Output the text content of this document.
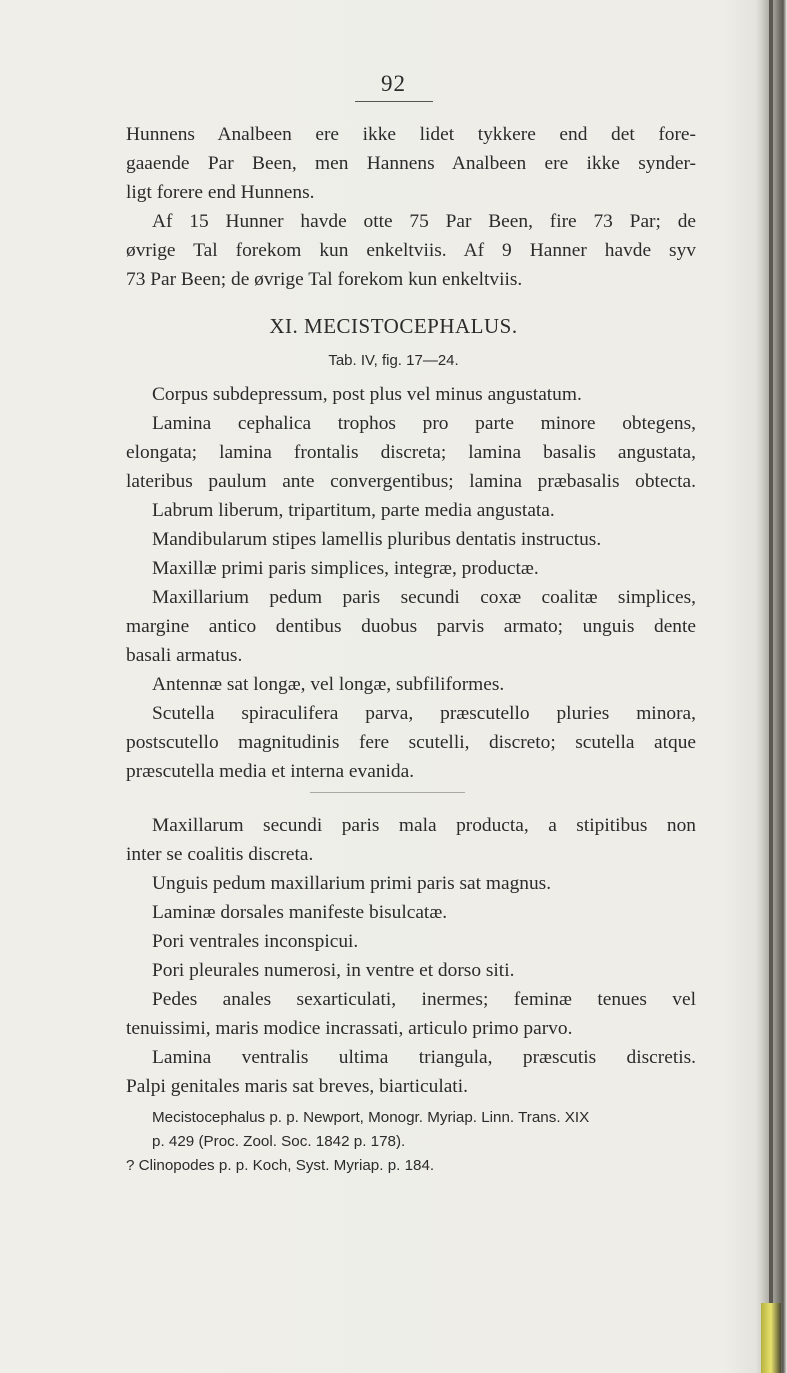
92
Hunnens Analbeen ere ikke lidet tykkere end det fore-
gaaende Par Been, men Hannens Analbeen ere ikke synder-
ligt forere end Hunnens.
Af 15 Hunner havde otte 75 Par Been, fire 73 Par; de
øvrige Tal forekom kun enkeltviis. Af 9 Hanner havde syv
73 Par Been; de øvrige Tal forekom kun enkeltviis.
XI. MECISTOCEPHALUS.
Tab. IV, fig. 17—24.
Corpus subdepressum, post plus vel minus angustatum.
Lamina cephalica trophos pro parte minore obtegens,
elongata; lamina frontalis discreta; lamina basalis angustata,
lateribus paulum ante convergentibus; lamina præbasalis obtecta.
Labrum liberum, tripartitum, parte media angustata.
Mandibularum stipes lamellis pluribus dentatis instructus.
Maxillæ primi paris simplices, integræ, productæ.
Maxillarium pedum paris secundi coxæ coalitæ simplices,
margine antico dentibus duobus parvis armato; unguis dente
basali armatus.
Antennæ sat longæ, vel longæ, subfiliformes.
Scutella spiraculifera parva, præscutello pluries minora,
postscutello magnitudinis fere scutelli, discreto; scutella atque
præscutella media et interna evanida.
Maxillarum secundi paris mala producta, a stipitibus non
inter se coalitis discreta.
Unguis pedum maxillarium primi paris sat magnus.
Laminæ dorsales manifeste bisulcatæ.
Pori ventrales inconspicui.
Pori pleurales numerosi, in ventre et dorso siti.
Pedes anales sexarticulati, inermes; feminæ tenues vel
tenuissimi, maris modice incrassati, articulo primo parvo.
Lamina ventralis ultima triangula, præscutis discretis.
Palpi genitales maris sat breves, biarticulati.
Mecistocephalus p. p. Newport, Monogr. Myriap. Linn. Trans. XIX
p. 429 (Proc. Zool. Soc. 1842 p. 178).
? Clinopodes p. p. Koch, Syst. Myriap. p. 184.
